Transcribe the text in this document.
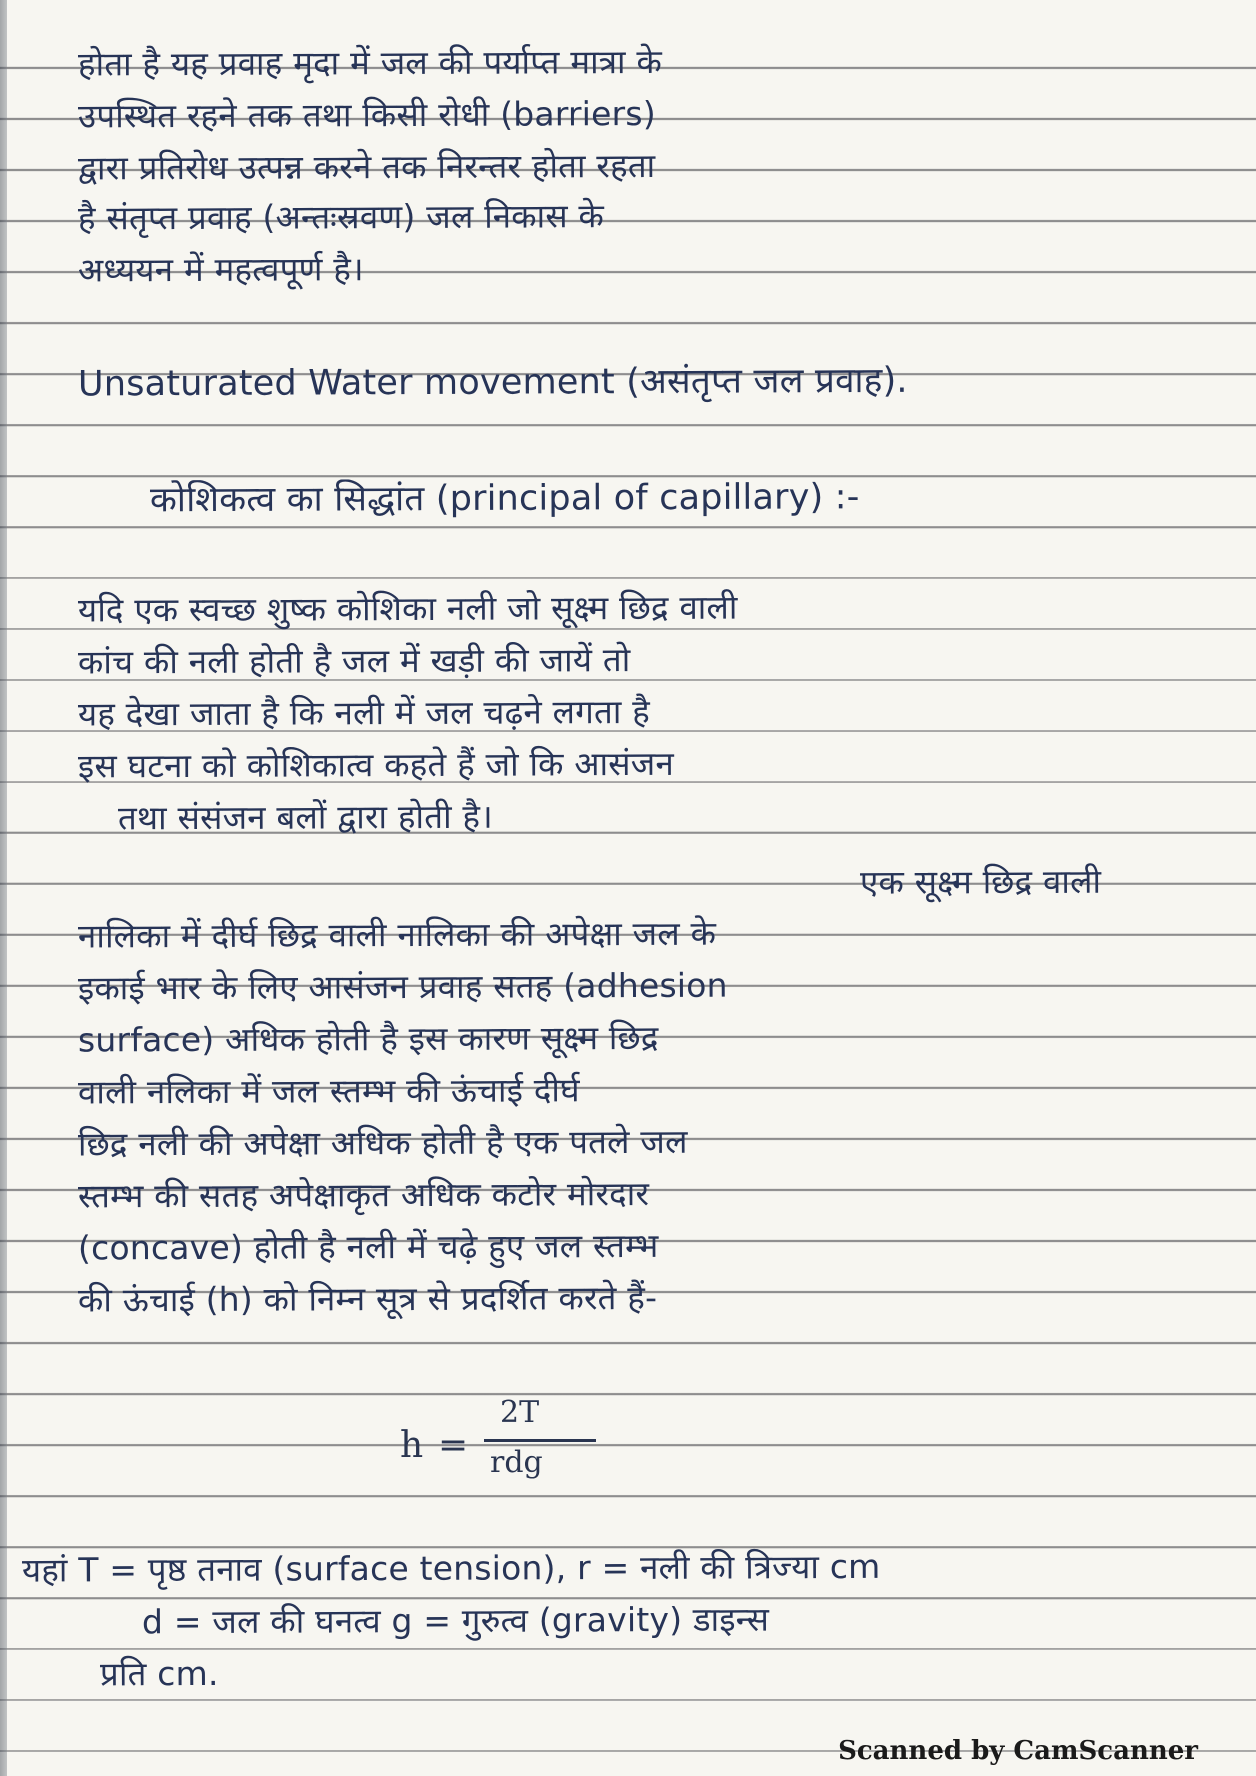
होता है यह प्रवाह मृदा में जल की पर्याप्त मात्रा के
उपस्थित रहने तक तथा किसी रोधी (barriers)
द्वारा प्रतिरोध उत्पन्न करने तक निरन्तर होता रहता
है संतृप्त प्रवाह (अन्तःस्रवण) जल निकास के
अध्ययन में महत्वपूर्ण है।
Unsaturated Water movement (असंतृप्त जल प्रवाह).
कोशिकत्व का सिद्धांत (principal of capillary) :-
यदि एक स्वच्छ शुष्क कोशिका नली जो सूक्ष्म छिद्र वाली
कांच की नली होती है जल में खड़ी की जायें तो
यह देखा जाता है कि नली में जल चढ़ने लगता है
इस घटना को कोशिकात्व कहते हैं जो कि आसंजन
तथा संसंजन बलों द्वारा होती है।
एक सूक्ष्म छिद्र वाली
नालिका में दीर्घ छिद्र वाली नालिका की अपेक्षा जल के
इकाई भार के लिए आसंजन प्रवाह सतह (adhesion
surface) अधिक होती है इस कारण सूक्ष्म छिद्र
वाली नलिका में जल स्तम्भ की ऊंचाई दीर्घ
छिद्र नली की अपेक्षा अधिक होती है एक पतले जल
स्तम्भ की सतह अपेक्षाकृत अधिक कटोर मोरदार
(concave) होती है नली में चढ़े हुए जल स्तम्भ
की ऊंचाई (h) को निम्न सूत्र से प्रदर्शित करते हैं-
h =
2T
rdg
यहां T = पृष्ठ तनाव (surface tension), r = नली की त्रिज्या cm
d = जल की घनत्व g = गुरुत्व (gravity) डाइन्स
प्रति cm.
Scanned by CamScanner
